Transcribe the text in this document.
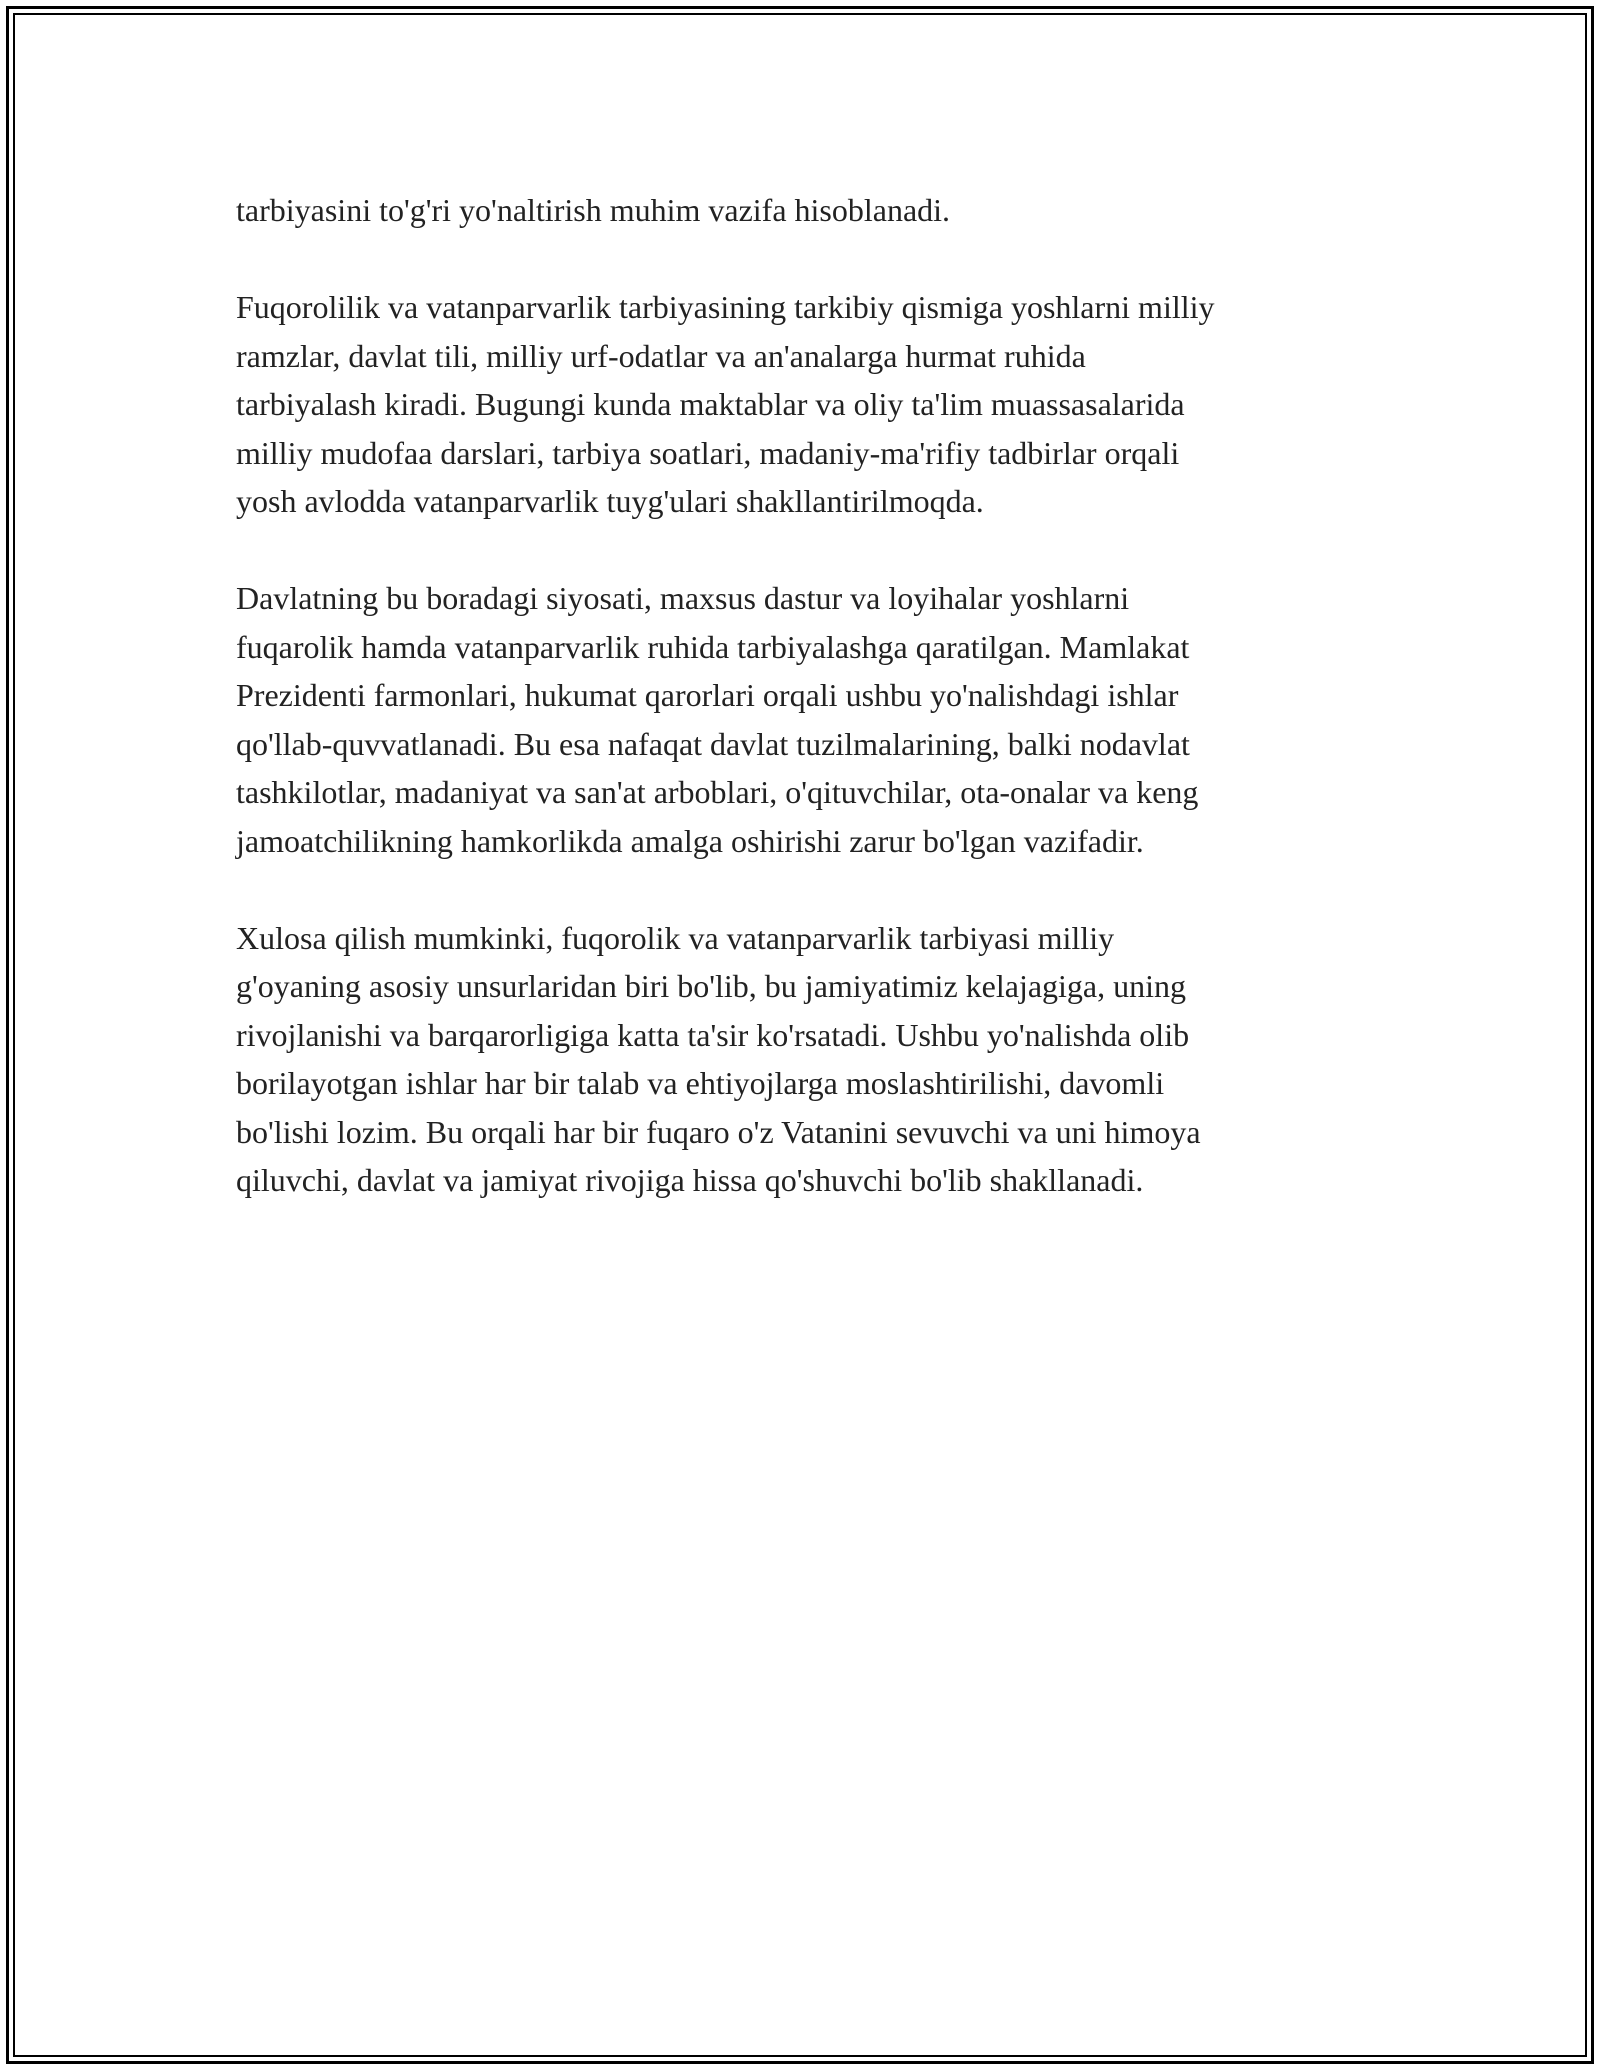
tarbiyasini to'g'ri yo'naltirish muhim vazifa hisoblanadi.

Fuqorolilik va vatanparvarlik tarbiyasining tarkibiy qismiga yoshlarni milliy
ramzlar, davlat tili, milliy urf-odatlar va an'analarga hurmat ruhida
tarbiyalash kiradi. Bugungi kunda maktablar va oliy ta'lim muassasalarida
milliy mudofaa darslari, tarbiya soatlari, madaniy-ma'rifiy tadbirlar orqali
yosh avlodda vatanparvarlik tuyg'ulari shakllantirilmoqda.

Davlatning bu boradagi siyosati, maxsus dastur va loyihalar yoshlarni
fuqarolik hamda vatanparvarlik ruhida tarbiyalashga qaratilgan. Mamlakat
Prezidenti farmonlari, hukumat qarorlari orqali ushbu yo'nalishdagi ishlar
qo'llab-quvvatlanadi. Bu esa nafaqat davlat tuzilmalarining, balki nodavlat
tashkilotlar, madaniyat va san'at arboblari, o'qituvchilar, ota-onalar va keng
jamoatchilikning hamkorlikda amalga oshirishi zarur bo'lgan vazifadir.

Xulosa qilish mumkinki, fuqorolik va vatanparvarlik tarbiyasi milliy
g'oyaning asosiy unsurlaridan biri bo'lib, bu jamiyatimiz kelajagiga, uning
rivojlanishi va barqarorligiga katta ta'sir ko'rsatadi. Ushbu yo'nalishda olib
borilayotgan ishlar har bir talab va ehtiyojlarga moslashtirilishi, davomli
bo'lishi lozim. Bu orqali har bir fuqaro o'z Vatanini sevuvchi va uni himoya
qiluvchi, davlat va jamiyat rivojiga hissa qo'shuvchi bo'lib shakllanadi.
